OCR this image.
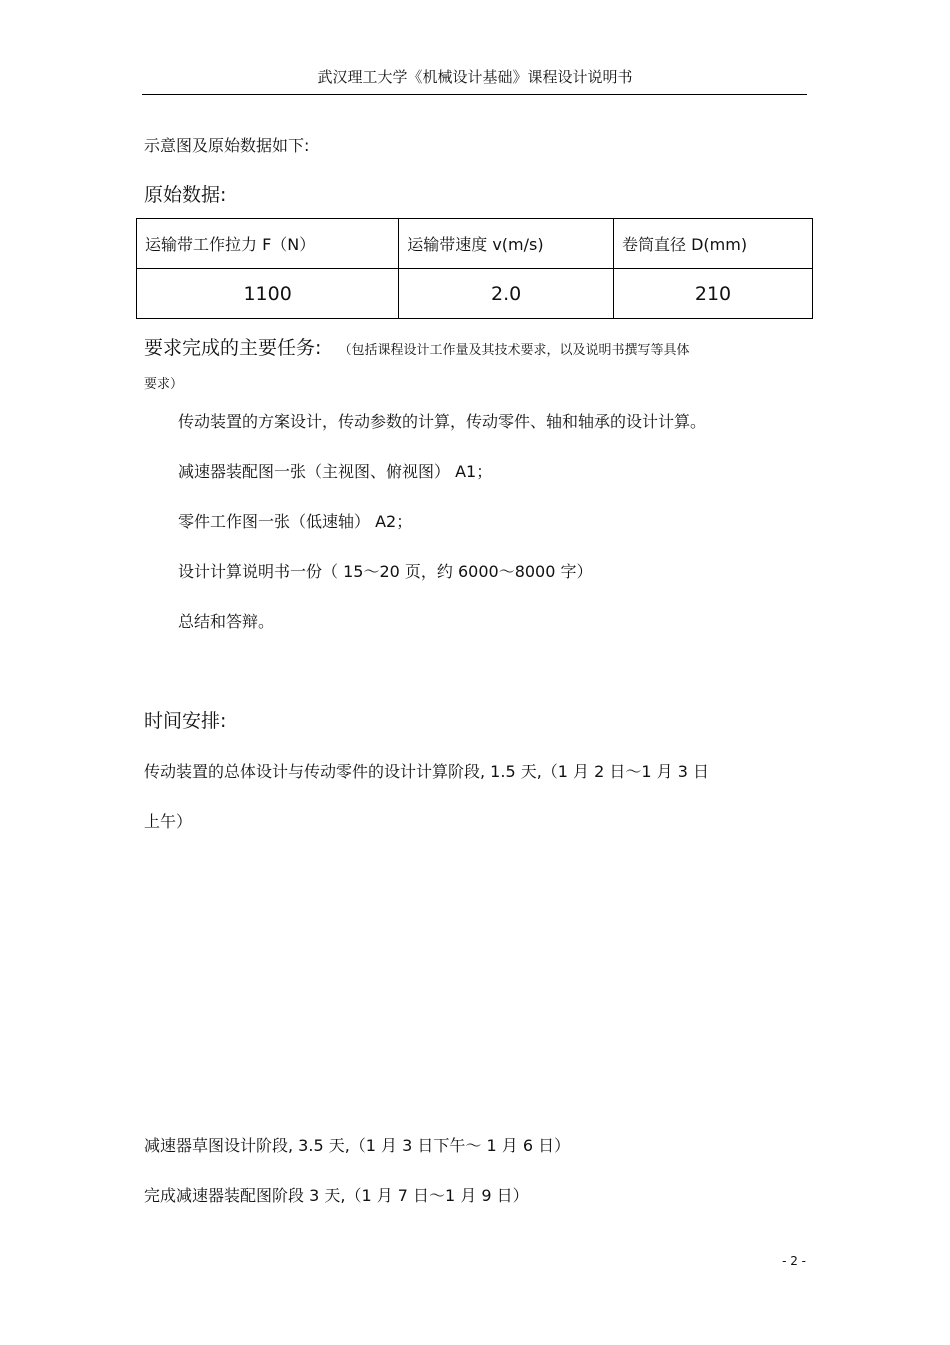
武汉理工大学《机械设计基础》课程设计说明书
示意图及原始数据如下:
原始数据:
运输带工作拉力 F（N）	运输带速度 v(m/s)	卷筒直径 D(mm)
1100	2.0	210
要求完成的主要任务: （包括课程设计工作量及其技术要求，以及说明书撰写等具体
要求）
传动装置的方案设计，传动参数的计算，传动零件、轴和轴承的设计计算。
减速器装配图一张（主视图、俯视图） A1；
零件工作图一张（低速轴） A2；
设计计算说明书一份（ 15～20 页，约 6000～8000 字）
总结和答辩。
时间安排:
传动装置的总体设计与传动零件的设计计算阶段, 1.5 天,（1 月 2 日～1 月 3 日
上午）
减速器草图设计阶段, 3.5 天,（1 月 3 日下午～ 1 月 6 日）
完成减速器装配图阶段 3 天,（1 月 7 日～1 月 9 日）
- 2 -
